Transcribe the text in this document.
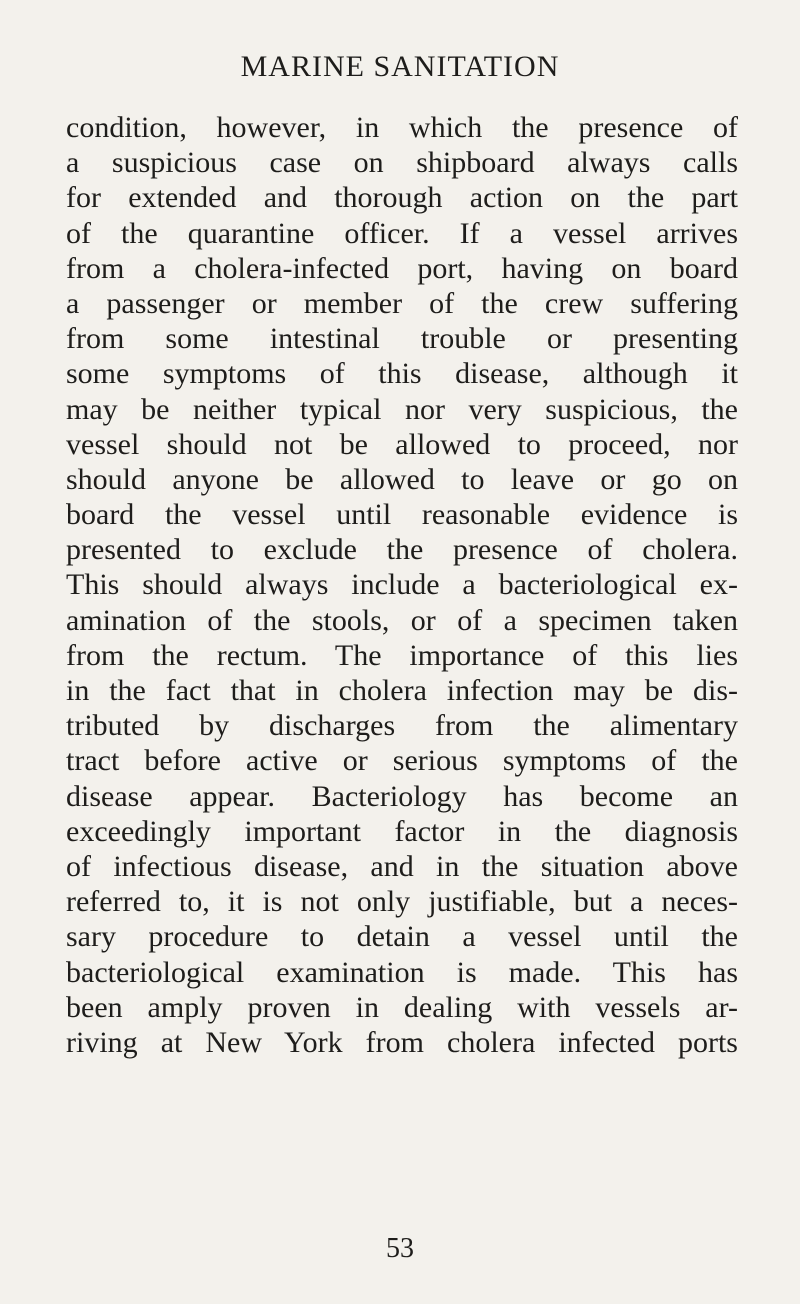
MARINE SANITATION
condition, however, in which the presence of
a suspicious case on shipboard always calls
for extended and thorough action on the part
of the quarantine officer. If a vessel arrives
from a cholera-infected port, having on board
a passenger or member of the crew suffering
from some intestinal trouble or presenting
some symptoms of this disease, although it
may be neither typical nor very suspicious, the
vessel should not be allowed to proceed, nor
should anyone be allowed to leave or go on
board the vessel until reasonable evidence is
presented to exclude the presence of cholera.
This should always include a bacteriological ex-
amination of the stools, or of a specimen taken
from the rectum. The importance of this lies
in the fact that in cholera infection may be dis-
tributed by discharges from the alimentary
tract before active or serious symptoms of the
disease appear. Bacteriology has become an
exceedingly important factor in the diagnosis
of infectious disease, and in the situation above
referred to, it is not only justifiable, but a neces-
sary procedure to detain a vessel until the
bacteriological examination is made. This has
been amply proven in dealing with vessels ar-
riving at New York from cholera infected ports
53
